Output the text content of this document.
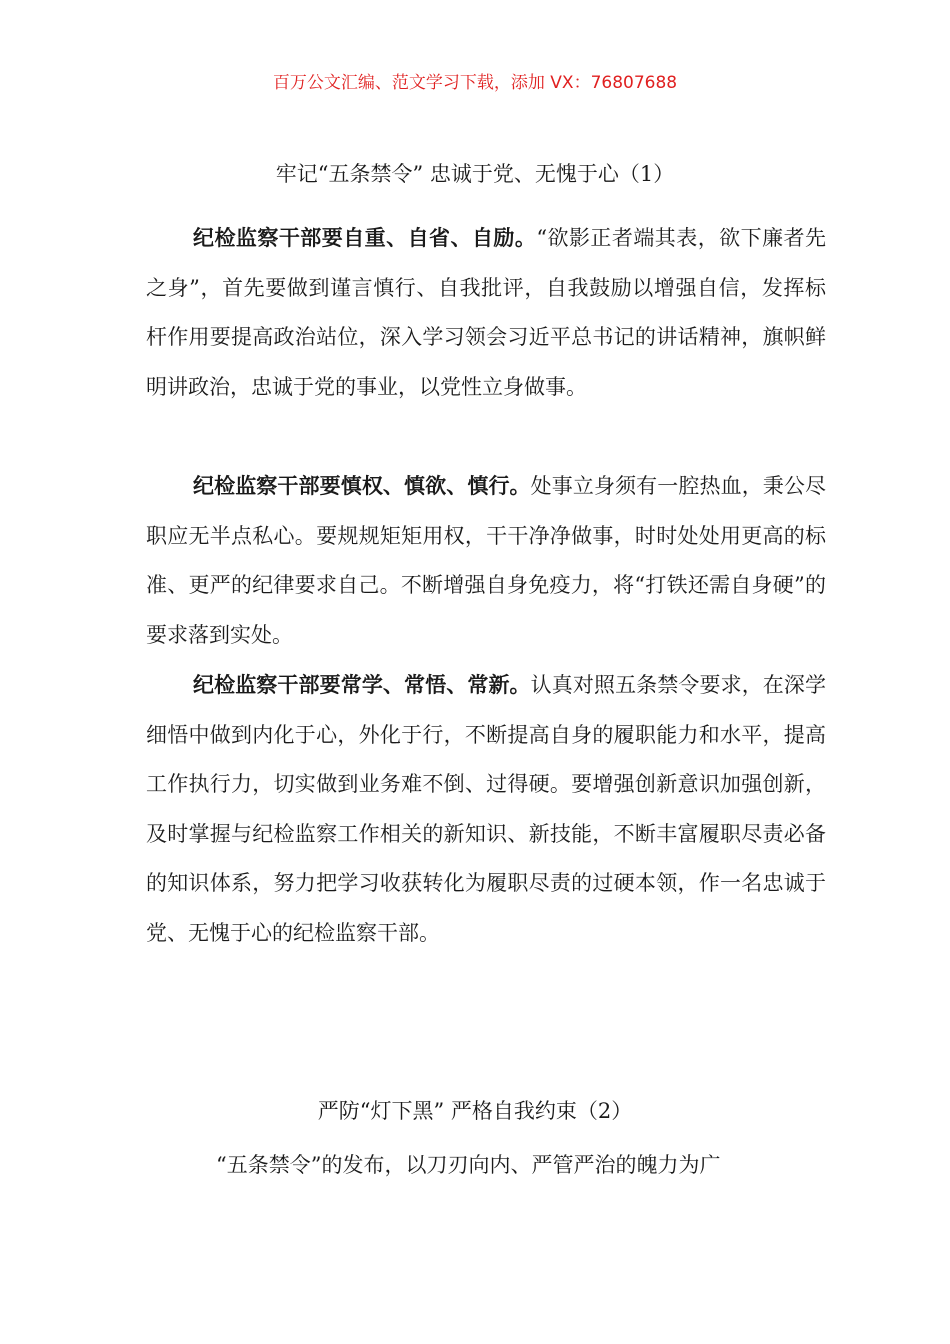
百万公文汇编、范文学习下载，添加 VX：76807688
牢记“五条禁令” 忠诚于党、无愧于心（1）

纪检监察干部要自重、自省、自励。“欲影正者端其表，欲下廉者先之身”，首先要做到谨言慎行、自我批评，自我鼓励以增强自信，发挥标杆作用要提高政治站位，深入学习领会习近平总书记的讲话精神，旗帜鲜明讲政治，忠诚于党的事业，以党性立身做事。

纪检监察干部要慎权、慎欲、慎行。处事立身须有一腔热血，秉公尽职应无半点私心。要规规矩矩用权，干干净净做事，时时处处用更高的标准、更严的纪律要求自己。不断增强自身免疫力，将“打铁还需自身硬”的要求落到实处。

纪检监察干部要常学、常悟、常新。认真对照五条禁令要求，在深学细悟中做到内化于心，外化于行，不断提高自身的履职能力和水平，提高工作执行力，切实做到业务难不倒、过得硬。要增强创新意识加强创新，及时掌握与纪检监察工作相关的新知识、新技能，不断丰富履职尽责必备的知识体系，努力把学习收获转化为履职尽责的过硬本领，作一名忠诚于党、无愧于心的纪检监察干部。

严防“灯下黑” 严格自我约束（2）

“五条禁令”的发布，以刀刃向内、严管严治的魄力为广
